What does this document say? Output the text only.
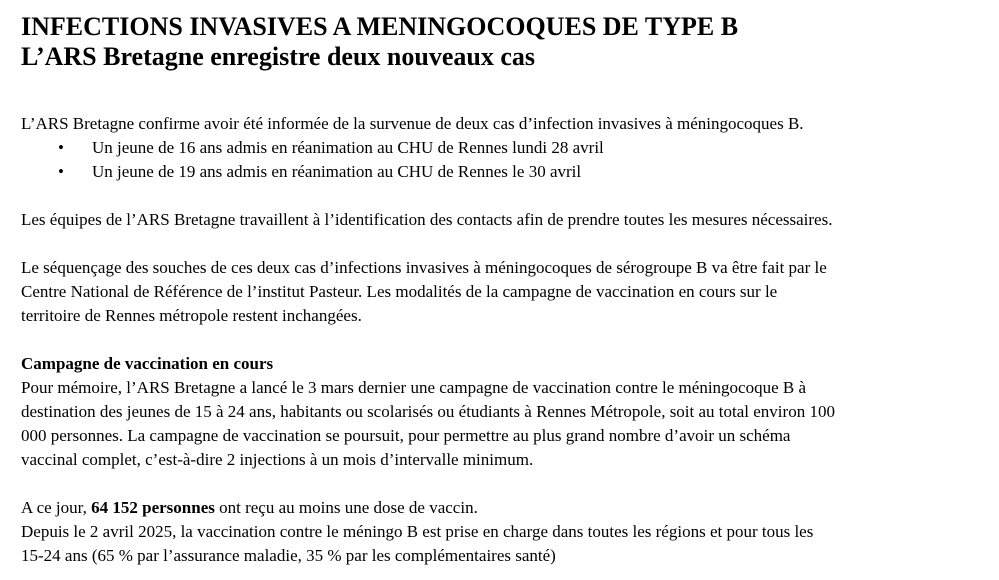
INFECTIONS INVASIVES A MENINGOCOQUES DE TYPE B
L’ARS Bretagne enregistre deux nouveaux cas

L’ARS Bretagne confirme avoir été informée de la survenue de deux cas d’infection invasives à méningocoques B.

• Un jeune de 16 ans admis en réanimation au CHU de Rennes lundi 28 avril
• Un jeune de 19 ans admis en réanimation au CHU de Rennes le 30 avril

Les équipes de l’ARS Bretagne travaillent à l’identification des contacts afin de prendre toutes les mesures nécessaires.

Le séquençage des souches de ces deux cas d’infections invasives à méningocoques de sérogroupe B va être fait par le

Centre National de Référence de l’institut Pasteur. Les modalités de la campagne de vaccination en cours sur le

territoire de Rennes métropole restent inchangées.

Campagne de vaccination en cours

Pour mémoire, l’ARS Bretagne a lancé le 3 mars dernier une campagne de vaccination contre le méningocoque B à

destination des jeunes de 15 à 24 ans, habitants ou scolarisés ou étudiants à Rennes Métropole, soit au total environ 100

000 personnes. La campagne de vaccination se poursuit, pour permettre au plus grand nombre d’avoir un schéma

vaccinal complet, c’est-à-dire 2 injections à un mois d’intervalle minimum.

A ce jour, 64 152 personnes ont reçu au moins une dose de vaccin.

Depuis le 2 avril 2025, la vaccination contre le méningo B est prise en charge dans toutes les régions et pour tous les

15-24 ans (65 % par l’assurance maladie, 35 % par les complémentaires santé)
